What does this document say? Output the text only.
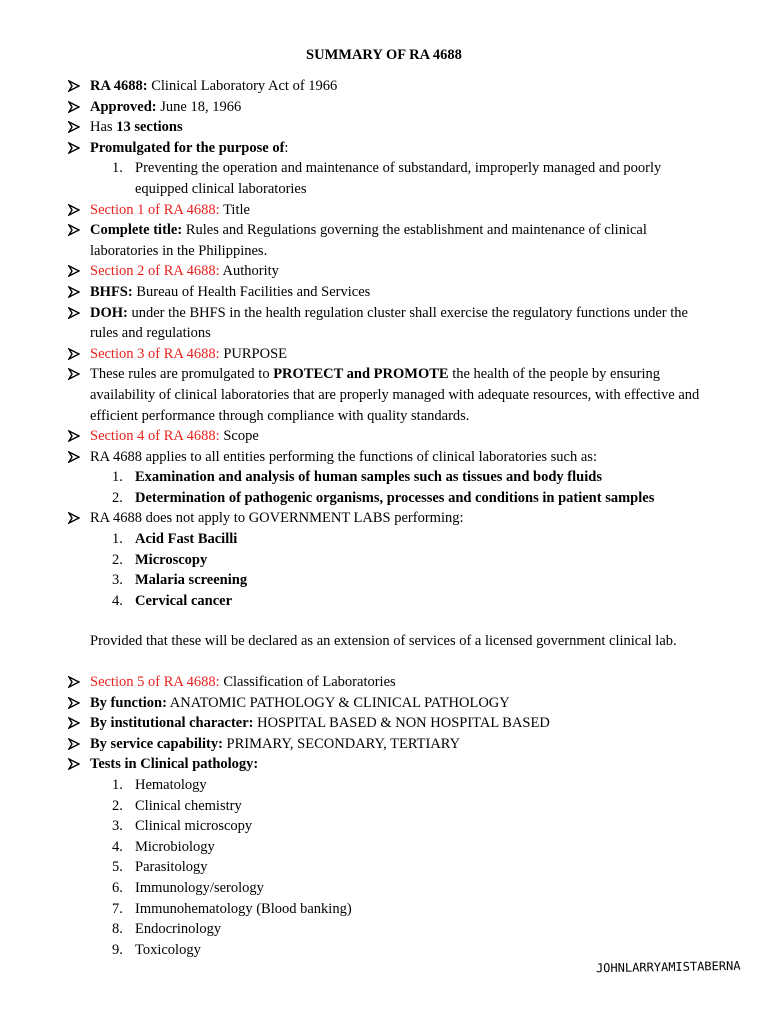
SUMMARY OF RA 4688
RA 4688: Clinical Laboratory Act of 1966
Approved: June 18, 1966
Has 13 sections
Promulgated for the purpose of:
1. Preventing the operation and maintenance of substandard, improperly managed and poorly equipped clinical laboratories
Section 1 of RA 4688: Title
Complete title: Rules and Regulations governing the establishment and maintenance of clinical laboratories in the Philippines.
Section 2 of RA 4688: Authority
BHFS: Bureau of Health Facilities and Services
DOH: under the BHFS in the health regulation cluster shall exercise the regulatory functions under the rules and regulations
Section 3 of RA 4688: PURPOSE
These rules are promulgated to PROTECT and PROMOTE the health of the people by ensuring availability of clinical laboratories that are properly managed with adequate resources, with effective and efficient performance through compliance with quality standards.
Section 4 of RA 4688: Scope
RA 4688 applies to all entities performing the functions of clinical laboratories such as:
1. Examination and analysis of human samples such as tissues and body fluids
2. Determination of pathogenic organisms, processes and conditions in patient samples
RA 4688 does not apply to GOVERNMENT LABS performing:
1. Acid Fast Bacilli
2. Microscopy
3. Malaria screening
4. Cervical cancer
Provided that these will be declared as an extension of services of a licensed government clinical lab.
Section 5 of RA 4688: Classification of Laboratories
By function: ANATOMIC PATHOLOGY & CLINICAL PATHOLOGY
By institutional character: HOSPITAL BASED & NON HOSPITAL BASED
By service capability: PRIMARY, SECONDARY, TERTIARY
Tests in Clinical pathology:
1. Hematology
2. Clinical chemistry
3. Clinical microscopy
4. Microbiology
5. Parasitology
6. Immunology/serology
7. Immunohematology (Blood banking)
8. Endocrinology
9. Toxicology
JOHNLARRYAMISTABERNA
